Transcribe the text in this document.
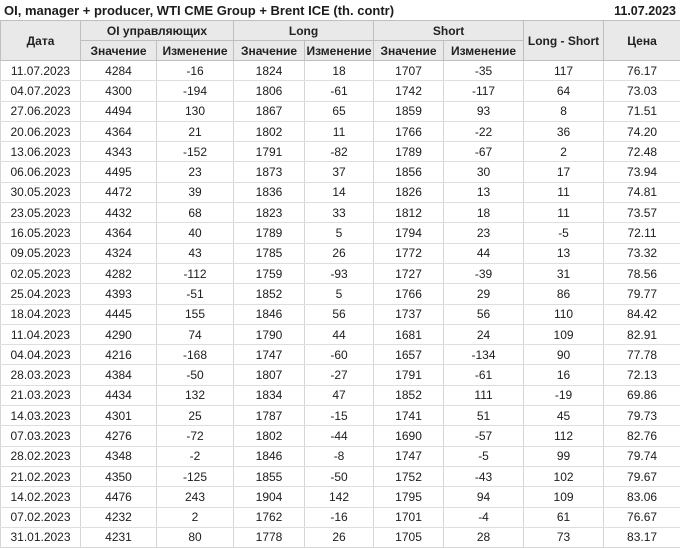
OI, manager + producer, WTI CME Group + Brent ICE (th. contr)	11.07.2023
Дата	OI управляющих		Long		Short		Long - Short	Цена
	Значение	Изменение	Значение	Изменение	Значение	Изменение		
11.07.2023	4284	-16	1824	18	1707	-35	117	76.17
04.07.2023	4300	-194	1806	-61	1742	-117	64	73.03
27.06.2023	4494	130	1867	65	1859	93	8	71.51
20.06.2023	4364	21	1802	11	1766	-22	36	74.20
13.06.2023	4343	-152	1791	-82	1789	-67	2	72.48
06.06.2023	4495	23	1873	37	1856	30	17	73.94
30.05.2023	4472	39	1836	14	1826	13	11	74.81
23.05.2023	4432	68	1823	33	1812	18	11	73.57
16.05.2023	4364	40	1789	5	1794	23	-5	72.11
09.05.2023	4324	43	1785	26	1772	44	13	73.32
02.05.2023	4282	-112	1759	-93	1727	-39	31	78.56
25.04.2023	4393	-51	1852	5	1766	29	86	79.77
18.04.2023	4445	155	1846	56	1737	56	110	84.42
11.04.2023	4290	74	1790	44	1681	24	109	82.91
04.04.2023	4216	-168	1747	-60	1657	-134	90	77.78
28.03.2023	4384	-50	1807	-27	1791	-61	16	72.13
21.03.2023	4434	132	1834	47	1852	111	-19	69.86
14.03.2023	4301	25	1787	-15	1741	51	45	79.73
07.03.2023	4276	-72	1802	-44	1690	-57	112	82.76
28.02.2023	4348	-2	1846	-8	1747	-5	99	79.74
21.02.2023	4350	-125	1855	-50	1752	-43	102	79.67
14.02.2023	4476	243	1904	142	1795	94	109	83.06
07.02.2023	4232	2	1762	-16	1701	-4	61	76.67
31.01.2023	4231	80	1778	26	1705	28	73	83.17
